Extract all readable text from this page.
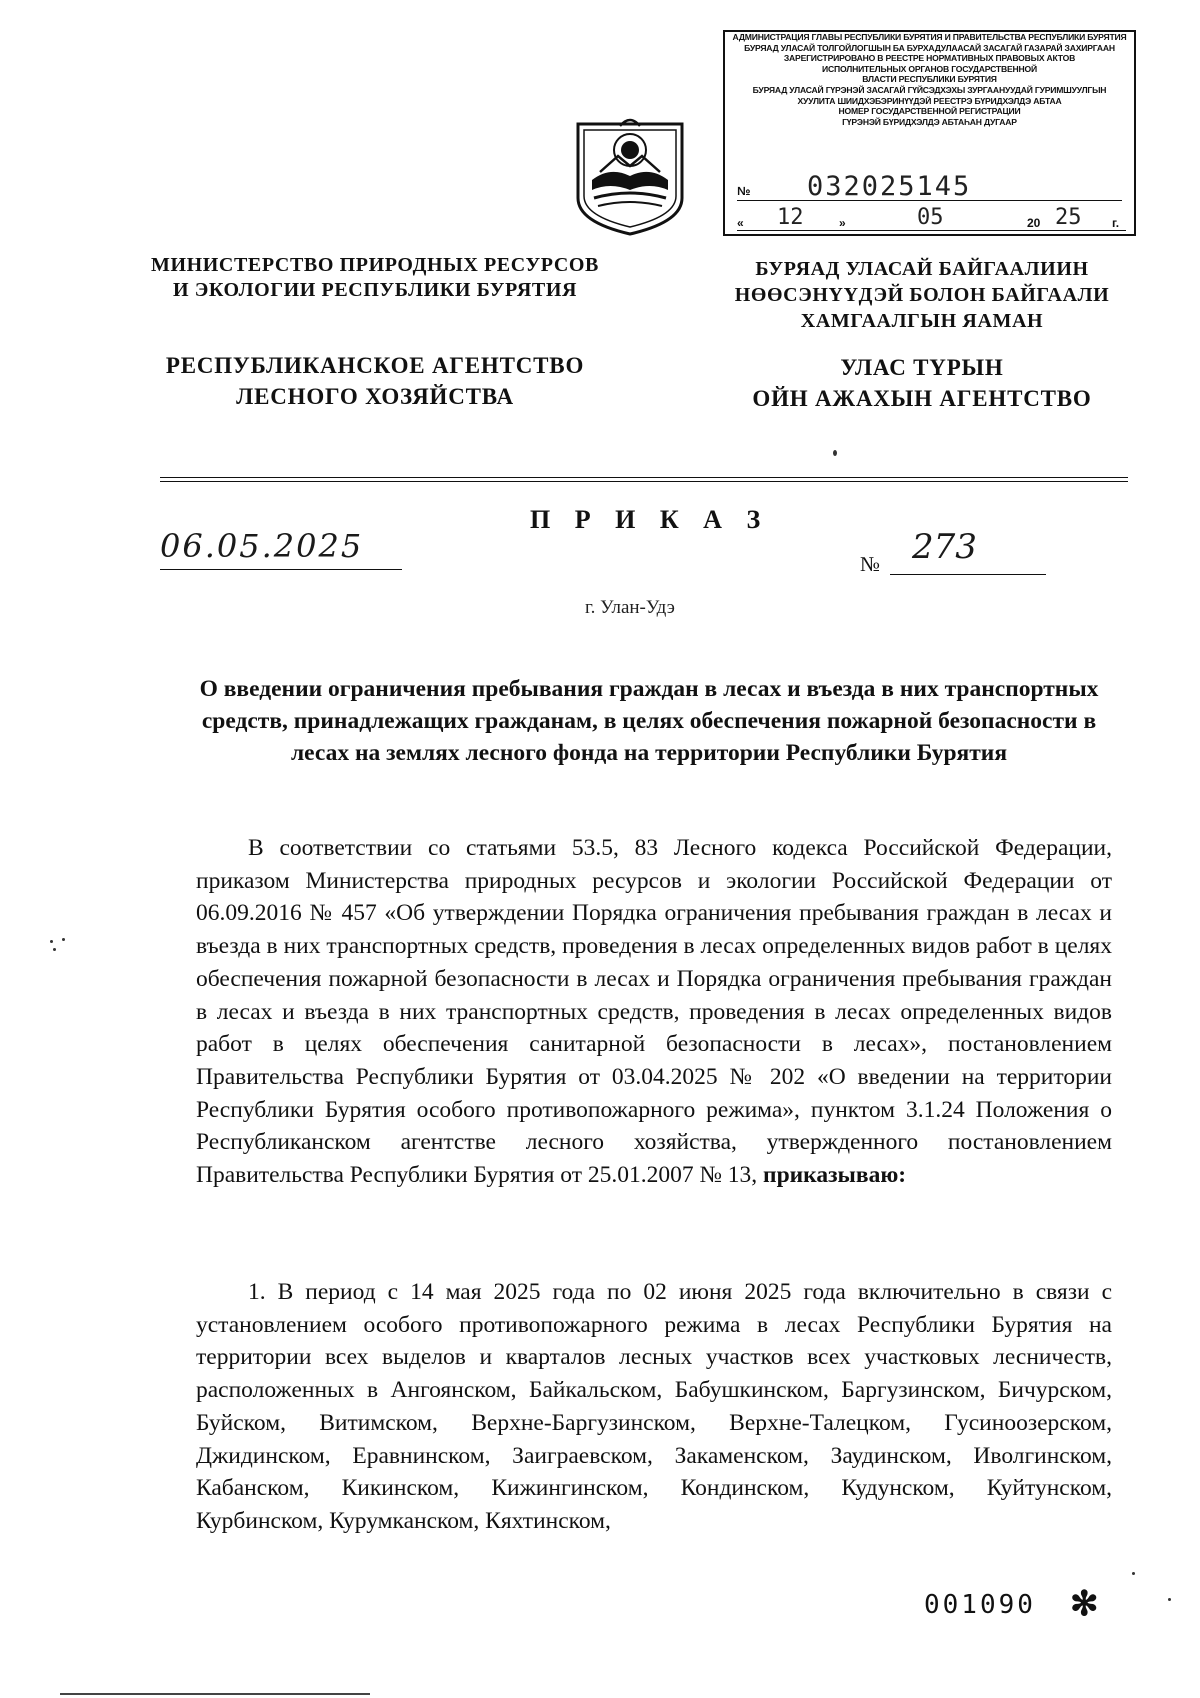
АДМИНИСТРАЦИЯ ГЛАВЫ РЕСПУБЛИКИ БУРЯТИЯ И ПРАВИТЕЛЬСТВА РЕСПУБЛИКИ БУРЯТИЯ
БУРЯАД УЛАСАЙ ТОЛГОЙЛОГШЫН БА БУРХАДУЛААСАЙ ЗАСАГАЙ ГАЗАРАЙ ЗАХИРГААН
ЗАРЕГИСТРИРОВАНО В РЕЕСТРЕ НОРМАТИВНЫХ ПРАВОВЫХ АКТОВ
ИСПОЛНИТЕЛЬНЫХ ОРГАНОВ ГОСУДАРСТВЕННОЙ
ВЛАСТИ РЕСПУБЛИКИ БУРЯТИЯ
БУРЯАД УЛАСАЙ ГҮРЭНЭЙ ЗАСАГАЙ ГҮЙСЭДХЭХЫ ЗУРГААНУУДАЙ ГУРИМШУУЛГЫН
ХУУЛИТА ШИИДХЭБЭРИНҮҮДЭЙ РЕЕСТРЭ БҮРИДХЭЛДЭ АБТАА
НОМЕР ГОСУДАРСТВЕННОЙ РЕГИСТРАЦИИ
ГҮРЭНЭЙ БҮРИДХЭЛДЭ АБТАҺАН ДУГААР
№ 032025145
« 12	»	05	20 25	г.
МИНИСТЕРСТВО ПРИРОДНЫХ РЕСУРСОВ
И ЭКОЛОГИИ РЕСПУБЛИКИ БУРЯТИЯ
РЕСПУБЛИКАНСКОЕ АГЕНТСТВО
ЛЕСНОГО ХОЗЯЙСТВА
БУРЯАД УЛАСАЙ БАЙГААЛИИН
НӨӨСЭНҮҮДЭЙ БОЛОН БАЙГААЛИ
ХАМГААЛГЫН ЯАМАН
УЛАС ТҮРЫН
ОЙН АЖАХЫН АГЕНТСТВО
П Р И К А З
06.05.2025	№ 273
г. Улан-Удэ
О введении ограничения пребывания граждан в лесах и въезда в них транспортных средств, принадлежащих гражданам, в целях обеспечения пожарной безопасности в лесах на землях лесного фонда на территории Республики Бурятия
В соответствии со статьями 53.5, 83 Лесного кодекса Российской Федерации, приказом Министерства природных ресурсов и экологии Российской Федерации от 06.09.2016 № 457 «Об утверждении Порядка ограничения пребывания граждан в лесах и въезда в них транспортных средств, проведения в лесах определенных видов работ в целях обеспечения пожарной безопасности в лесах и Порядка ограничения пребывания граждан в лесах и въезда в них транспортных средств, проведения в лесах определенных видов работ в целях обеспечения санитарной безопасности в лесах», постановлением Правительства Республики Бурятия от 03.04.2025 № 202 «О введении на территории Республики Бурятия особого противопожарного режима», пунктом 3.1.24 Положения о Республиканском агентстве лесного хозяйства, утвержденного постановлением Правительства Республики Бурятия от 25.01.2007 № 13, приказываю:
1. В период с 14 мая 2025 года по 02 июня 2025 года включительно в связи с установлением особого противопожарного режима в лесах Республики Бурятия на территории всех выделов и кварталов лесных участков всех участковых лесничеств, расположенных в Ангоянском, Байкальском, Бабушкинском, Баргузинском, Бичурском, Буйском, Витимском, Верхне-Баргузинском, Верхне-Талецком, Гусиноозерском, Джидинском, Еравнинском, Заиграевском, Закаменском, Заудинском, Иволгинском, Кабанском, Кикинском, Кижингинском, Кондинском, Кудунском, Куйтунском, Курбинском, Курумканском, Кяхтинском,
001090 ✻
